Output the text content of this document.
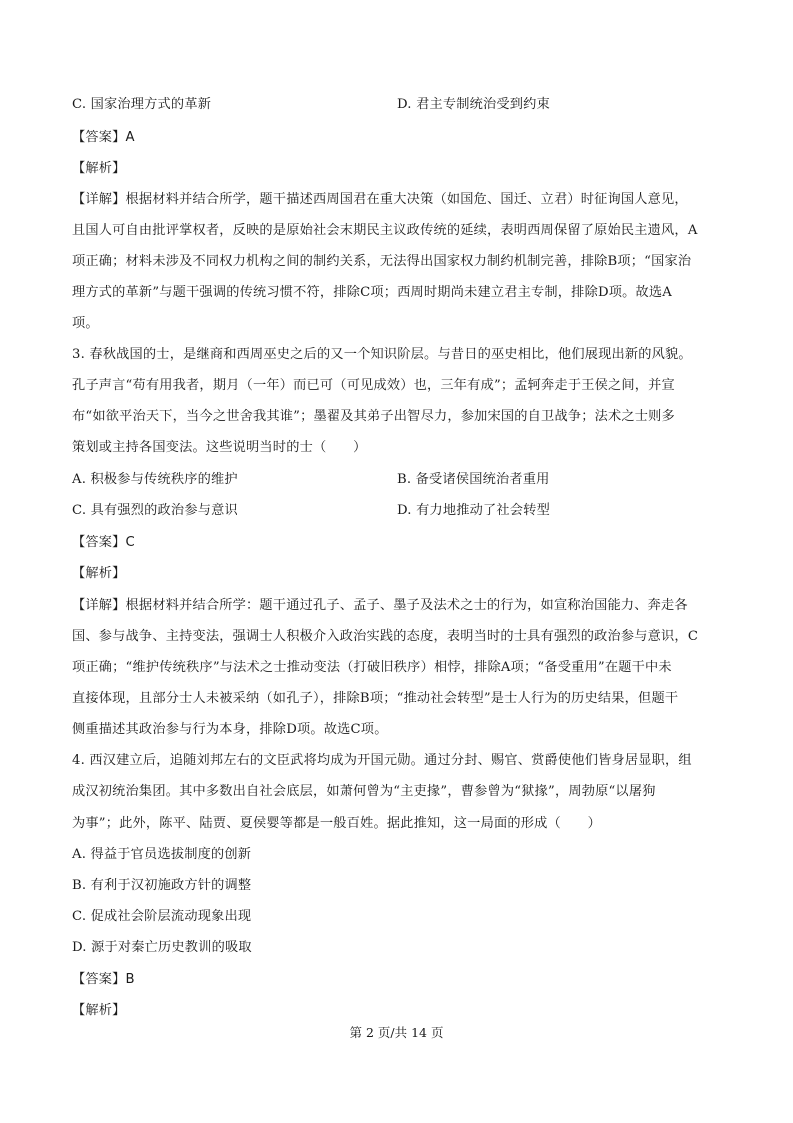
C. 国家治理方式的革新	D. 君主专制统治受到约束
【答案】A
【解析】
【详解】根据材料并结合所学，题干描述西周国君在重大决策（如国危、国迁、立君）时征询国人意见，
且国人可自由批评掌权者，反映的是原始社会末期民主议政传统的延续，表明西周保留了原始民主遗风，A
项正确；材料未涉及不同权力机构之间的制约关系，无法得出国家权力制约机制完善，排除B项；“国家治
理方式的革新”与题干强调的传统习惯不符，排除C项；西周时期尚未建立君主专制，排除D项。故选A
项。
3. 春秋战国的士，是继商和西周巫史之后的又一个知识阶层。与昔日的巫史相比，他们展现出新的风貌。
孔子声言“苟有用我者，期月（一年）而已可（可见成效）也，三年有成”；孟轲奔走于王侯之间，并宣
布“如欲平治天下，当今之世舍我其谁”；墨翟及其弟子出智尽力，参加宋国的自卫战争；法术之士则多
策划或主持各国变法。这些说明当时的士（　　）
A. 积极参与传统秩序的维护	B. 备受诸侯国统治者重用
C. 具有强烈的政治参与意识	D. 有力地推动了社会转型
【答案】C
【解析】
【详解】根据材料并结合所学：题干通过孔子、孟子、墨子及法术之士的行为，如宣称治国能力、奔走各
国、参与战争、主持变法，强调士人积极介入政治实践的态度，表明当时的士具有强烈的政治参与意识，C
项正确；“维护传统秩序”与法术之士推动变法（打破旧秩序）相悖，排除A项；“备受重用”在题干中未
直接体现，且部分士人未被采纳（如孔子），排除B项；“推动社会转型”是士人行为的历史结果，但题干
侧重描述其政治参与行为本身，排除D项。故选C项。
4. 西汉建立后，追随刘邦左右的文臣武将均成为开国元勋。通过分封、赐官、赏爵使他们皆身居显职，组
成汉初统治集团。其中多数出自社会底层，如萧何曾为“主吏掾”，曹参曾为“狱掾”，周勃原“以屠狗
为事”；此外，陈平、陆贾、夏侯婴等都是一般百姓。据此推知，这一局面的形成（　　）
A. 得益于官员选拔制度的创新
B. 有利于汉初施政方针的调整
C. 促成社会阶层流动现象出现
D. 源于对秦亡历史教训的吸取
【答案】B
【解析】
第 2 页/共 14 页
